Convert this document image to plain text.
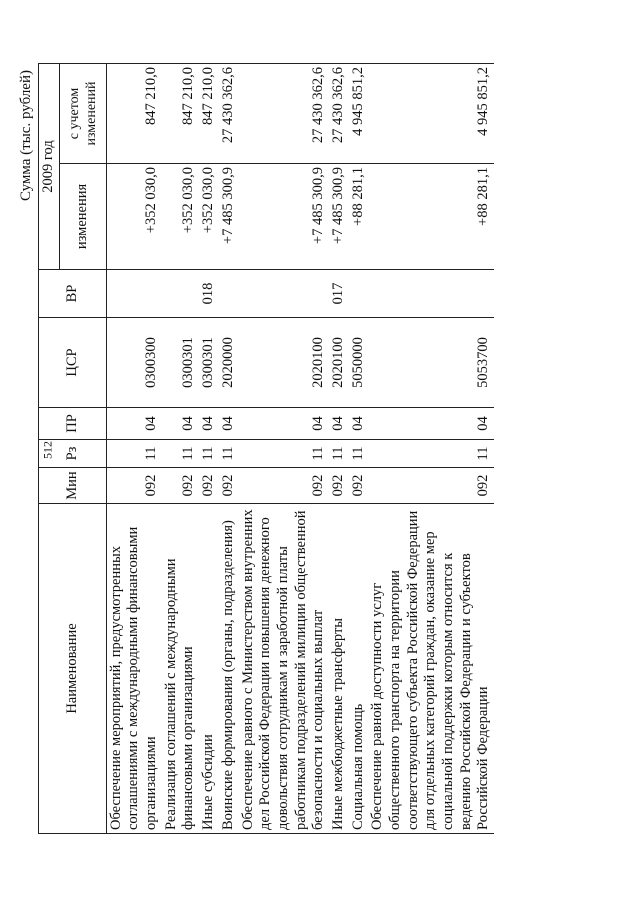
512
Сумма (тыс. рублей)
Наименование	Мин	Рз	ПР	ЦСР	ВР	2009 год	
						изменения	с учетом изменений
Обеспечение мероприятий, предусмотренных соглашениями с международными финансовыми организациями	092	11	04	0300300		+352 030,0	847 210,0
Реализация соглашений с международными финансовыми организациями	092	11	04	0300301		+352 030,0	847 210,0
Иные субсидии	092	11	04	0300301	018	+352 030,0	847 210,0
Воинские формирования (органы, подразделения)	092	11	04	2020000		+7 485 300,9	27 430 362,6
Обеспечение равного с Министерством внутренних дел Российской Федерации повышения денежного довольствия сотрудникам и заработной платы работникам подразделений милиции общественной безопасности и социальных выплат	092	11	04	2020100		+7 485 300,9	27 430 362,6
Иные межбюджетные трансферты	092	11	04	2020100	017	+7 485 300,9	27 430 362,6
Социальная помощь	092	11	04	5050000		+88 281,1	4 945 851,2
Обеспечение равной доступности услуг общественного транспорта на территории соответствующего субъекта Российской Федерации для отдельных категорий граждан, оказание мер социальной поддержки которым относится к ведению Российской Федерации и субъектов Российской Федерации	092	11	04	5053700		+88 281,1	4 945 851,2
